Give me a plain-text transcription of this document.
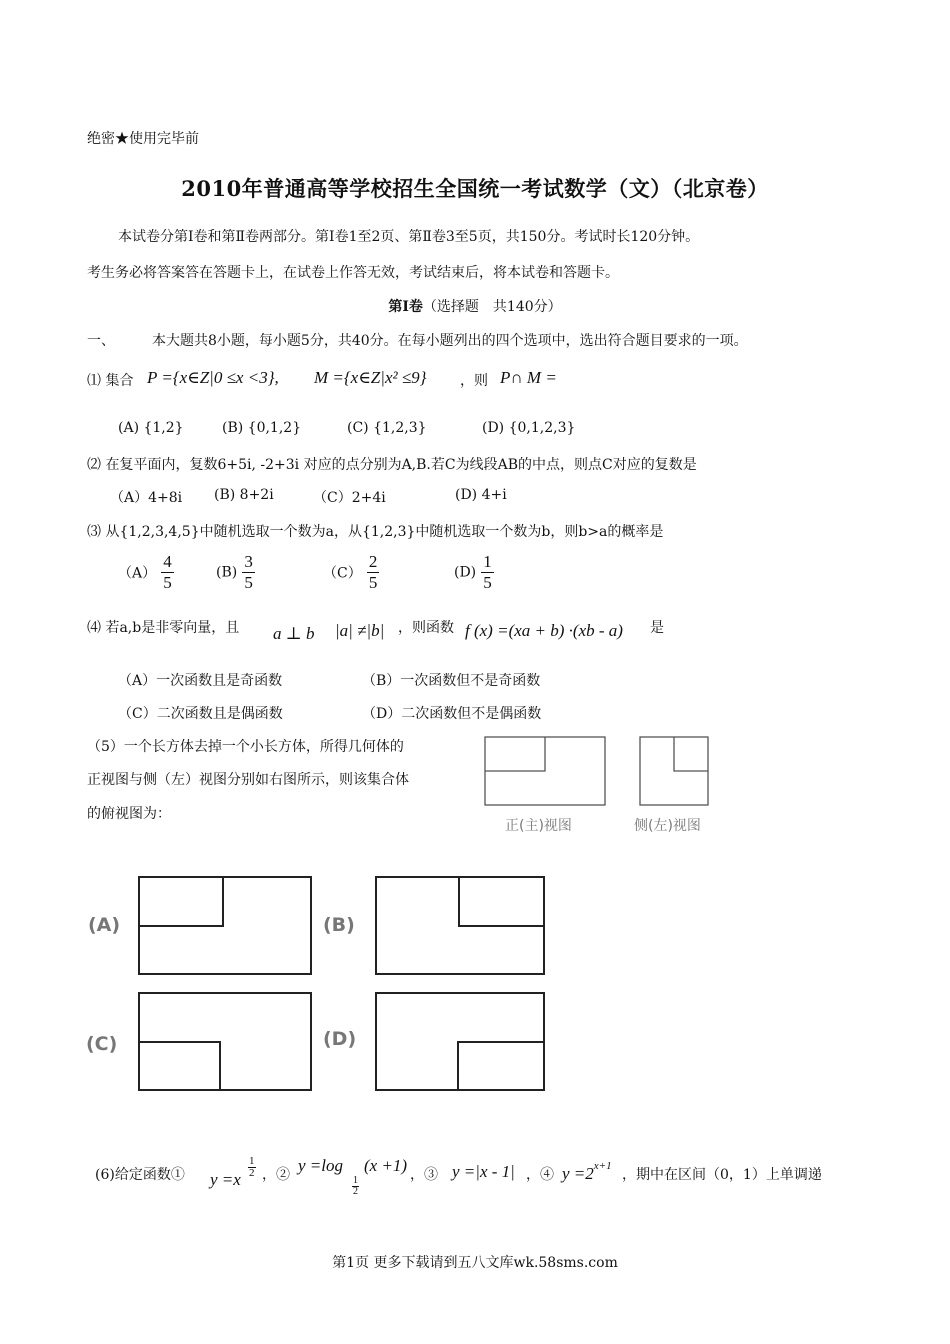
绝密★使用完毕前
2010年普通高等学校招生全国统一考试数学（文）（北京卷）
本试卷分第Ⅰ卷和第Ⅱ卷两部分。第Ⅰ卷1至2页、第Ⅱ卷3至5页，共150分。考试时长120分钟。
考生务必将答案答在答题卡上，在试卷上作答无效，考试结束后，将本试卷和答题卡。
第Ⅰ卷（选择题　共140分）
一、	本大题共8小题，每小题5分，共40分。在每小题列出的四个选项中，选出符合题目要求的一项。
⑴ 集合 P ={x∈Z|0 ≤x <3}, M ={x∈Z|x² ≤9} ，则 P∩ M =
(A) {1,2}	(B) {0,1,2}	(C) {1,2,3}	(D) {0,1,2,3}
⑵ 在复平面内，复数6+5i, -2+3i 对应的点分别为A,B.若C为线段AB的中点，则点C对应的复数是
（A）4+8i (B) 8+2i	（C）2+4i	(D) 4+i
⑶ 从{1,2,3,4,5}中随机选取一个数为a，从{1,2,3}中随机选取一个数为b，则b>a的概率是
$(A) \frac{4}{5}$	$(B) \frac{3}{5}$	$(C) \frac{2}{5}$	$(D) \frac{1}{5}$
⑷ 若a,b是非零向量，且 a ⊥ b |a| ≠|b| ，则函数 f (x) =(xa + b) ·(xb - a) 是
（A）一次函数且是奇函数	（B）一次函数但不是奇函数
（C）二次函数且是偶函数	（D）二次函数但不是偶函数
（5）一个长方体去掉一个小长方体，所得几何体的
正视图与侧（左）视图分别如右图所示，则该集合体
的俯视图为：
正(主)视图	侧(左)视图
(A)	(B)
(C)	(D)
(6)给定函数① y =x
1
2 ，② y =log
1
2
(x +1) ，③ y =|x - 1| ，④ y =2x+1
，期中在区间（0，1）上单调递
第1页 更多下载请到五八文库wk.58sms.com
